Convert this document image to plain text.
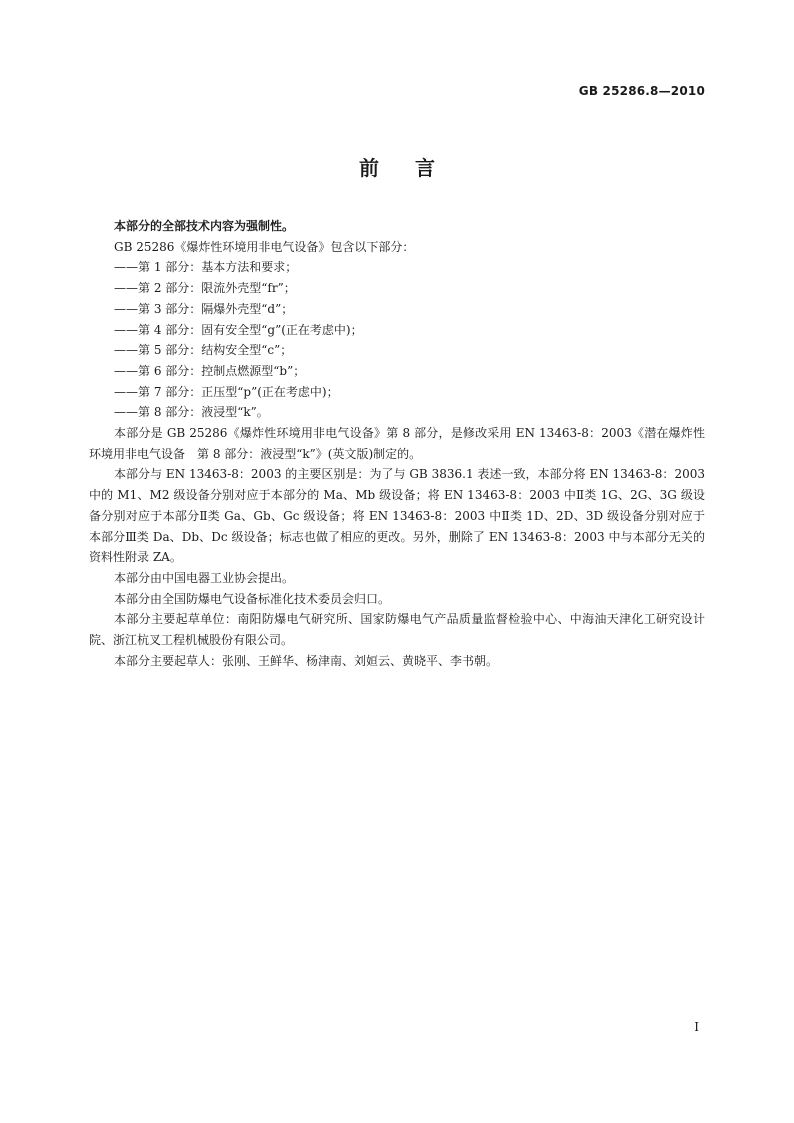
GB 25286.8—2010
前言

本部分的全部技术内容为强制性。

GB 25286《爆炸性环境用非电气设备》包含以下部分：

——第 1 部分：基本方法和要求；

——第 2 部分：限流外壳型“fr”；

——第 3 部分：隔爆外壳型“d”；

——第 4 部分：固有安全型“g”(正在考虑中)；

——第 5 部分：结构安全型“c”；

——第 6 部分：控制点燃源型“b”；

——第 7 部分：正压型“p”(正在考虑中)；

——第 8 部分：液浸型“k”。

本部分是 GB 25286《爆炸性环境用非电气设备》第 8 部分，是修改采用 EN 13463-8：2003《潜在爆炸性环境用非电气设备　第 8 部分：液浸型“k”》(英文版)制定的。

本部分与 EN 13463-8：2003 的主要区别是：为了与 GB 3836.1 表述一致，本部分将 EN 13463-8：2003 中的 M1、M2 级设备分别对应于本部分的 Ma、Mb 级设备；将 EN 13463-8：2003 中Ⅱ类 1G、2G、3G 级设备分别对应于本部分Ⅱ类 Ga、Gb、Gc 级设备；将 EN 13463-8：2003 中Ⅱ类 1D、2D、3D 级设备分别对应于本部分Ⅲ类 Da、Db、Dc 级设备；标志也做了相应的更改。另外，删除了 EN 13463-8：2003 中与本部分无关的资料性附录 ZA。

本部分由中国电器工业协会提出。

本部分由全国防爆电气设备标准化技术委员会归口。

本部分主要起草单位：南阳防爆电气研究所、国家防爆电气产品质量监督检验中心、中海油天津化工研究设计院、浙江杭叉工程机械股份有限公司。

本部分主要起草人：张刚、王鲜华、杨津南、刘姮云、黄晓平、李书朝。

I
